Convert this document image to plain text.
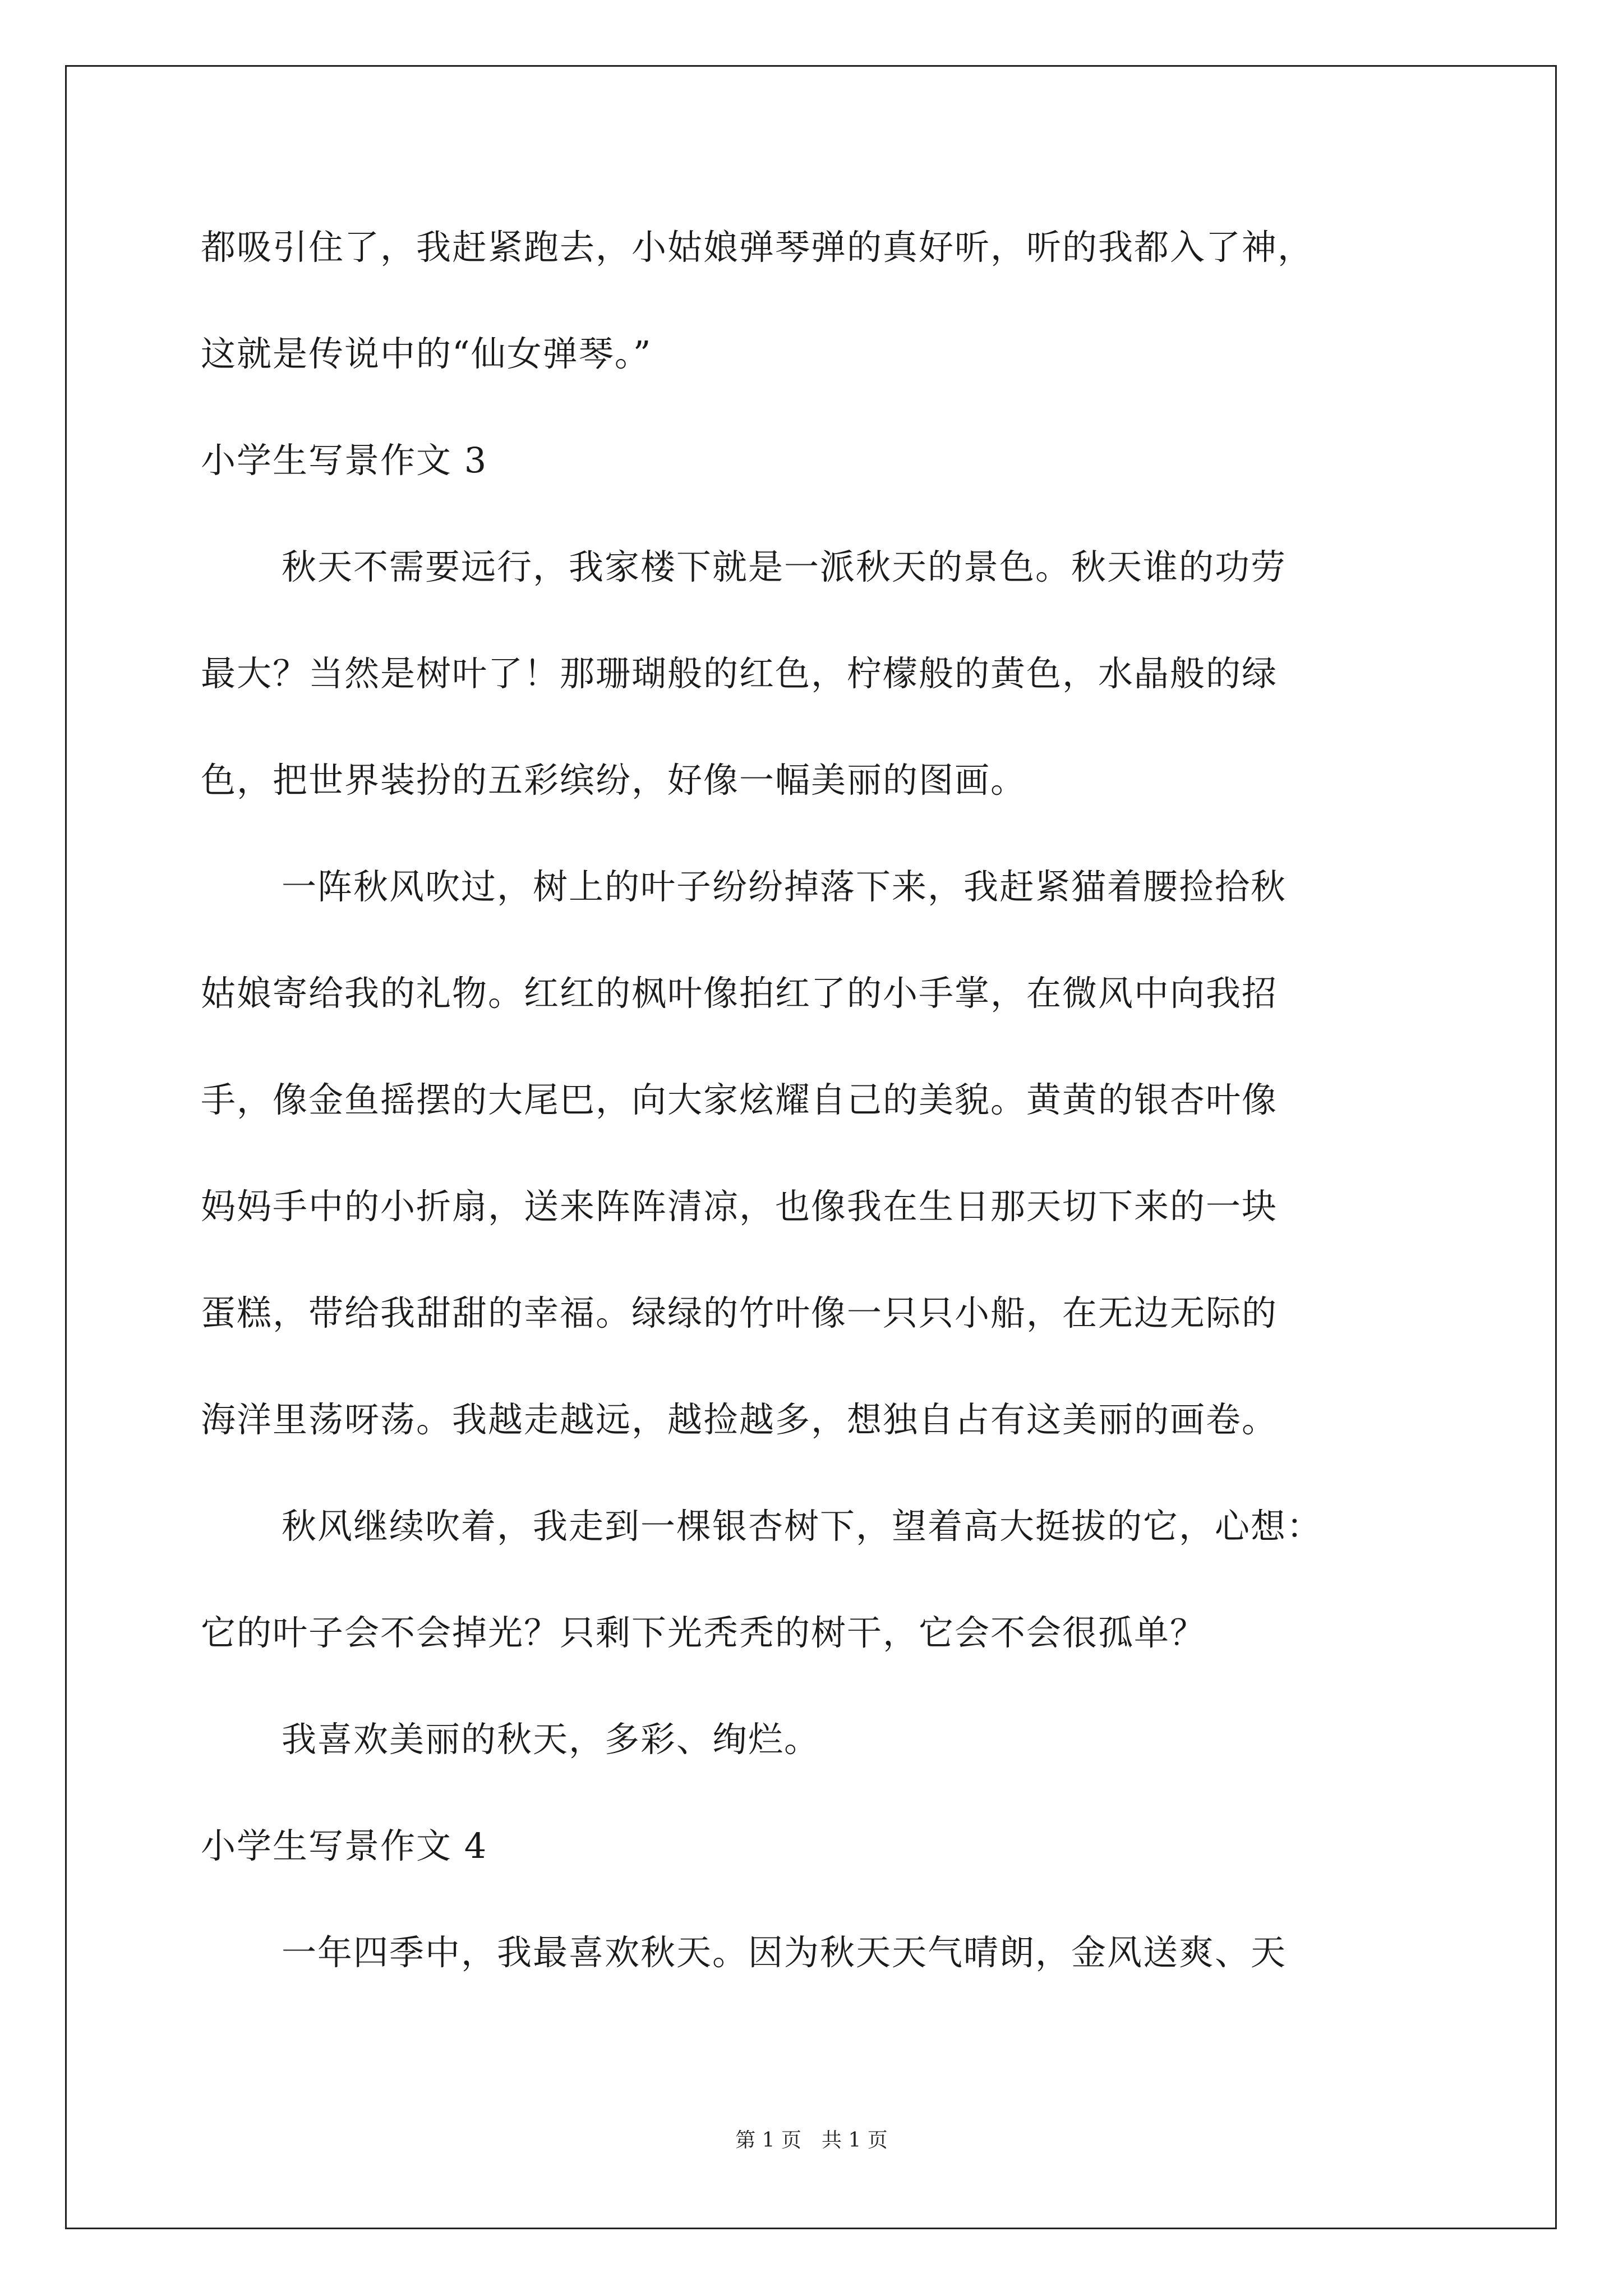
都吸引住了，我赶紧跑去，小姑娘弹琴弹的真好听，听的我都入了神，
这就是传说中的“仙女弹琴。”
小学生写景作文 3
秋天不需要远行，我家楼下就是一派秋天的景色。秋天谁的功劳
最大？当然是树叶了！那珊瑚般的红色，柠檬般的黄色，水晶般的绿
色，把世界装扮的五彩缤纷，好像一幅美丽的图画。
一阵秋风吹过，树上的叶子纷纷掉落下来，我赶紧猫着腰捡拾秋
姑娘寄给我的礼物。红红的枫叶像拍红了的小手掌，在微风中向我招
手，像金鱼摇摆的大尾巴，向大家炫耀自己的美貌。黄黄的银杏叶像
妈妈手中的小折扇，送来阵阵清凉，也像我在生日那天切下来的一块
蛋糕，带给我甜甜的幸福。绿绿的竹叶像一只只小船，在无边无际的
海洋里荡呀荡。我越走越远，越捡越多，想独自占有这美丽的画卷。
秋风继续吹着，我走到一棵银杏树下，望着高大挺拔的它，心想：
它的叶子会不会掉光？只剩下光秃秃的树干，它会不会很孤单？
我喜欢美丽的秋天，多彩、绚烂。
小学生写景作文 4
一年四季中，我最喜欢秋天。因为秋天天气晴朗，金风送爽、天
第 1 页　共 1 页
